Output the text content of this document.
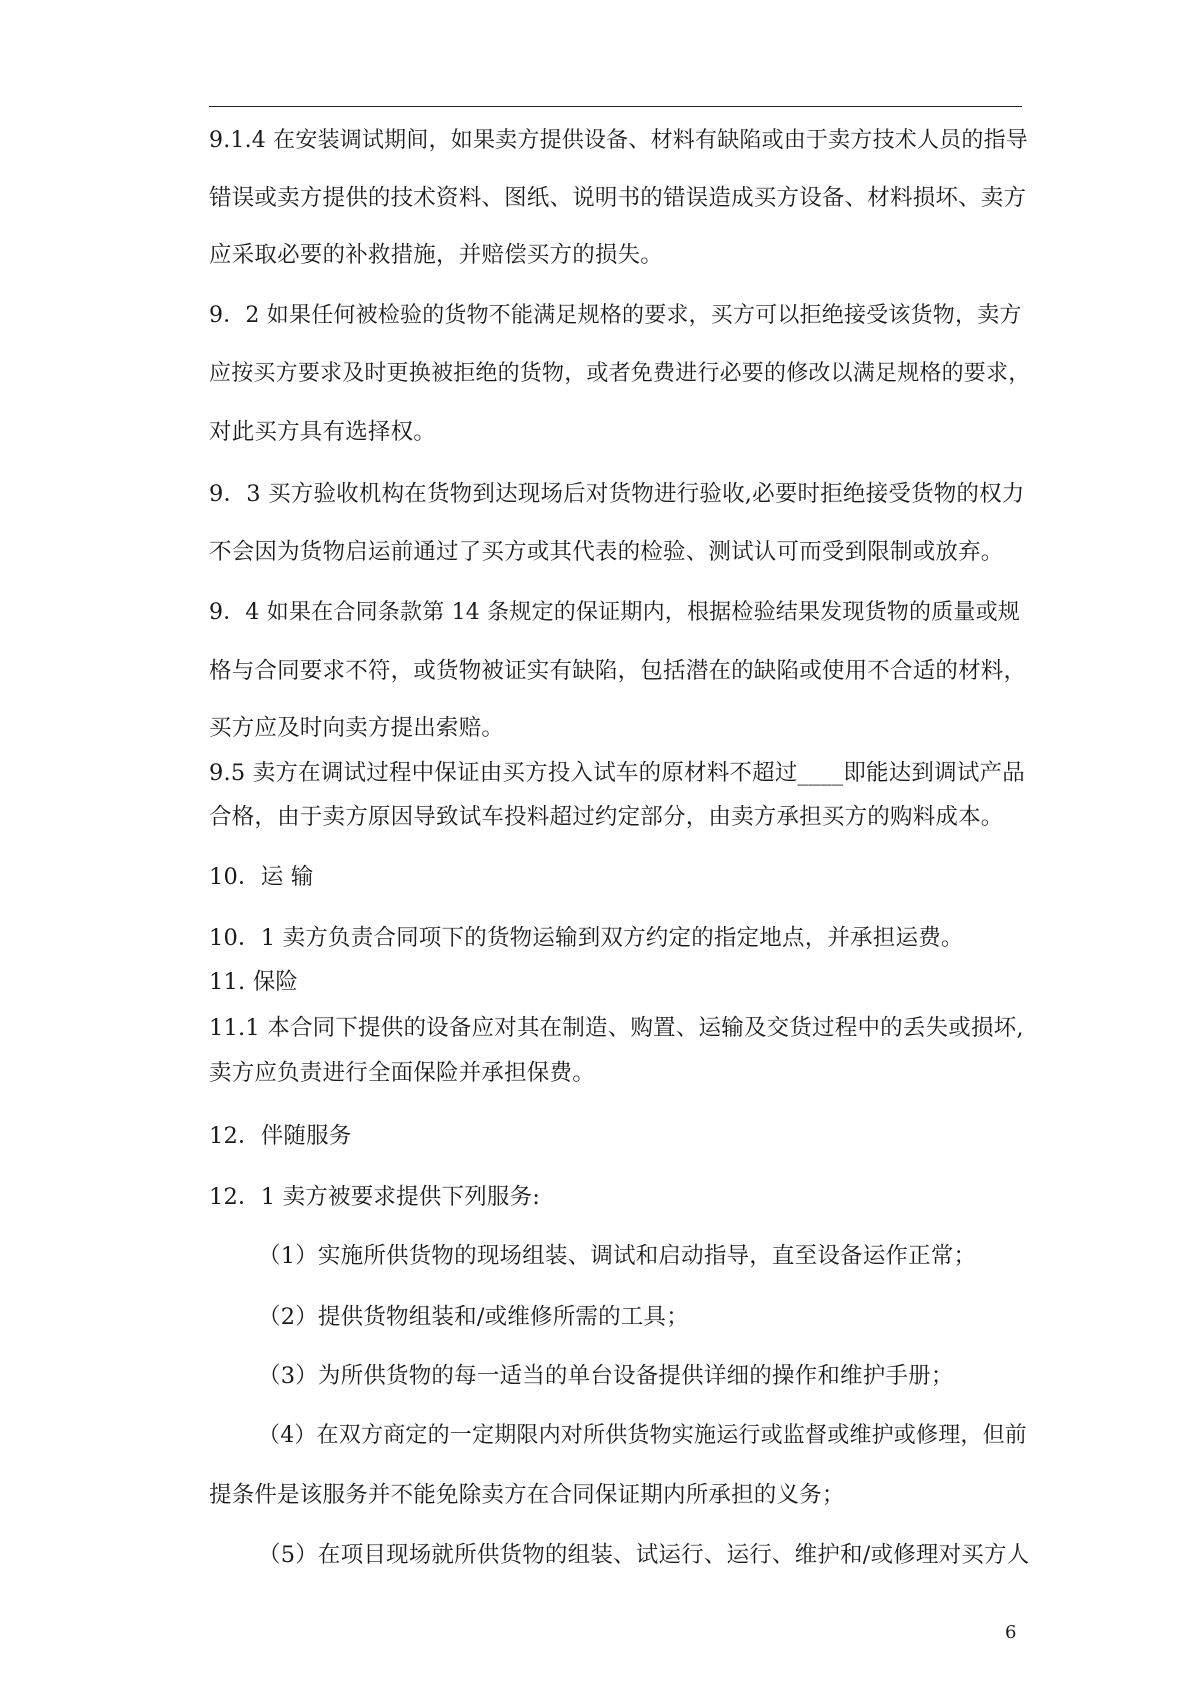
9.1.4 在安装调试期间，如果卖方提供设备、材料有缺陷或由于卖方技术人员的指导
错误或卖方提供的技术资料、图纸、说明书的错误造成买方设备、材料损坏、卖方
应采取必要的补救措施，并赔偿买方的损失。
9．2 如果任何被检验的货物不能满足规格的要求，买方可以拒绝接受该货物，卖方
应按买方要求及时更换被拒绝的货物，或者免费进行必要的修改以满足规格的要求，
对此买方具有选择权。
9．3 买方验收机构在货物到达现场后对货物进行验收,必要时拒绝接受货物的权力
不会因为货物启运前通过了买方或其代表的检验、测试认可而受到限制或放弃。
9．4 如果在合同条款第 14 条规定的保证期内，根据检验结果发现货物的质量或规
格与合同要求不符，或货物被证实有缺陷，包括潜在的缺陷或使用不合适的材料，
买方应及时向卖方提出索赔。
9.5 卖方在调试过程中保证由买方投入试车的原材料不超过____即能达到调试产品
合格，由于卖方原因导致试车投料超过约定部分，由卖方承担买方的购料成本。
10．运 输
10．1 卖方负责合同项下的货物运输到双方约定的指定地点，并承担运费。
11. 保险
11.1 本合同下提供的设备应对其在制造、购置、运输及交货过程中的丢失或损坏,
卖方应负责进行全面保险并承担保费。
12．伴随服务
12．1 卖方被要求提供下列服务:
（1）实施所供货物的现场组装、调试和启动指导，直至设备运作正常；
（2）提供货物组装和/或维修所需的工具；
（3）为所供货物的每一适当的单台设备提供详细的操作和维护手册；
（4）在双方商定的一定期限内对所供货物实施运行或监督或维护或修理，但前
提条件是该服务并不能免除卖方在合同保证期内所承担的义务；
（5）在项目现场就所供货物的组装、试运行、运行、维护和/或修理对买方人
6
